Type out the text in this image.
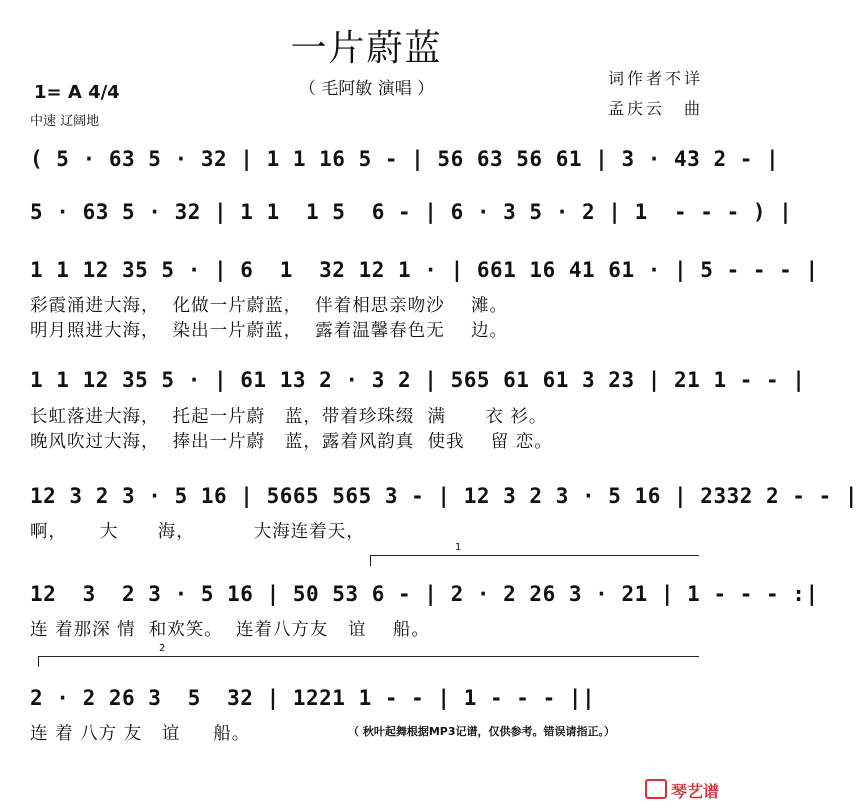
一片蔚蓝
（ 毛阿敏 演唱 ）
1= A 4/4
中速 辽阔地
词作者不详
孟庆云　曲
( 5 · 63 5 · 32 | 1 1 16 5 - | 56 63 56 61 | 3 · 43 2 - |
5 · 63 5 · 32 | 1 1  1 5  6 - | 6 · 3 5 · 2 | 1  - - - ) |
1 1 12 35 5 · | 6  1  32 12 1 · | 661 16 41 61 · | 5 - - - |
彩霞涌进大海，  化做一片蔚蓝，  伴着相思亲吻沙    滩。
明月照进大海，  染出一片蔚蓝，  露着温馨春色无    边。
1 1 12 35 5 · | 61 13 2 · 3 2 | 565 61 61 3 23 | 21 1 - - |
长虹落进大海，  托起一片蔚   蓝，带着珍珠缀  满      衣 衫。
晚风吹过大海，  捧出一片蔚   蓝，露着风韵真  使我    留 恋。
12 3 2 3 · 5 16 | 5665 565 3 - | 12 3 2 3 · 5 16 | 2332 2 - - |
啊，     大      海，         大海连着天，
1
12  3  2 3 · 5 16 | 50 53 6 - | 2 · 2 26 3 · 21 | 1 - - - :|
连 着那深 情  和欢笑。  连着八方友   谊    船。
2
2 · 2 26 3  5  32 | 1221 1 - - | 1 - - - ||
连 着 八方 友   谊     船。	（ 秋叶起舞根据MP3记谱，仅供参考。错误请指正。）
琴艺谱
